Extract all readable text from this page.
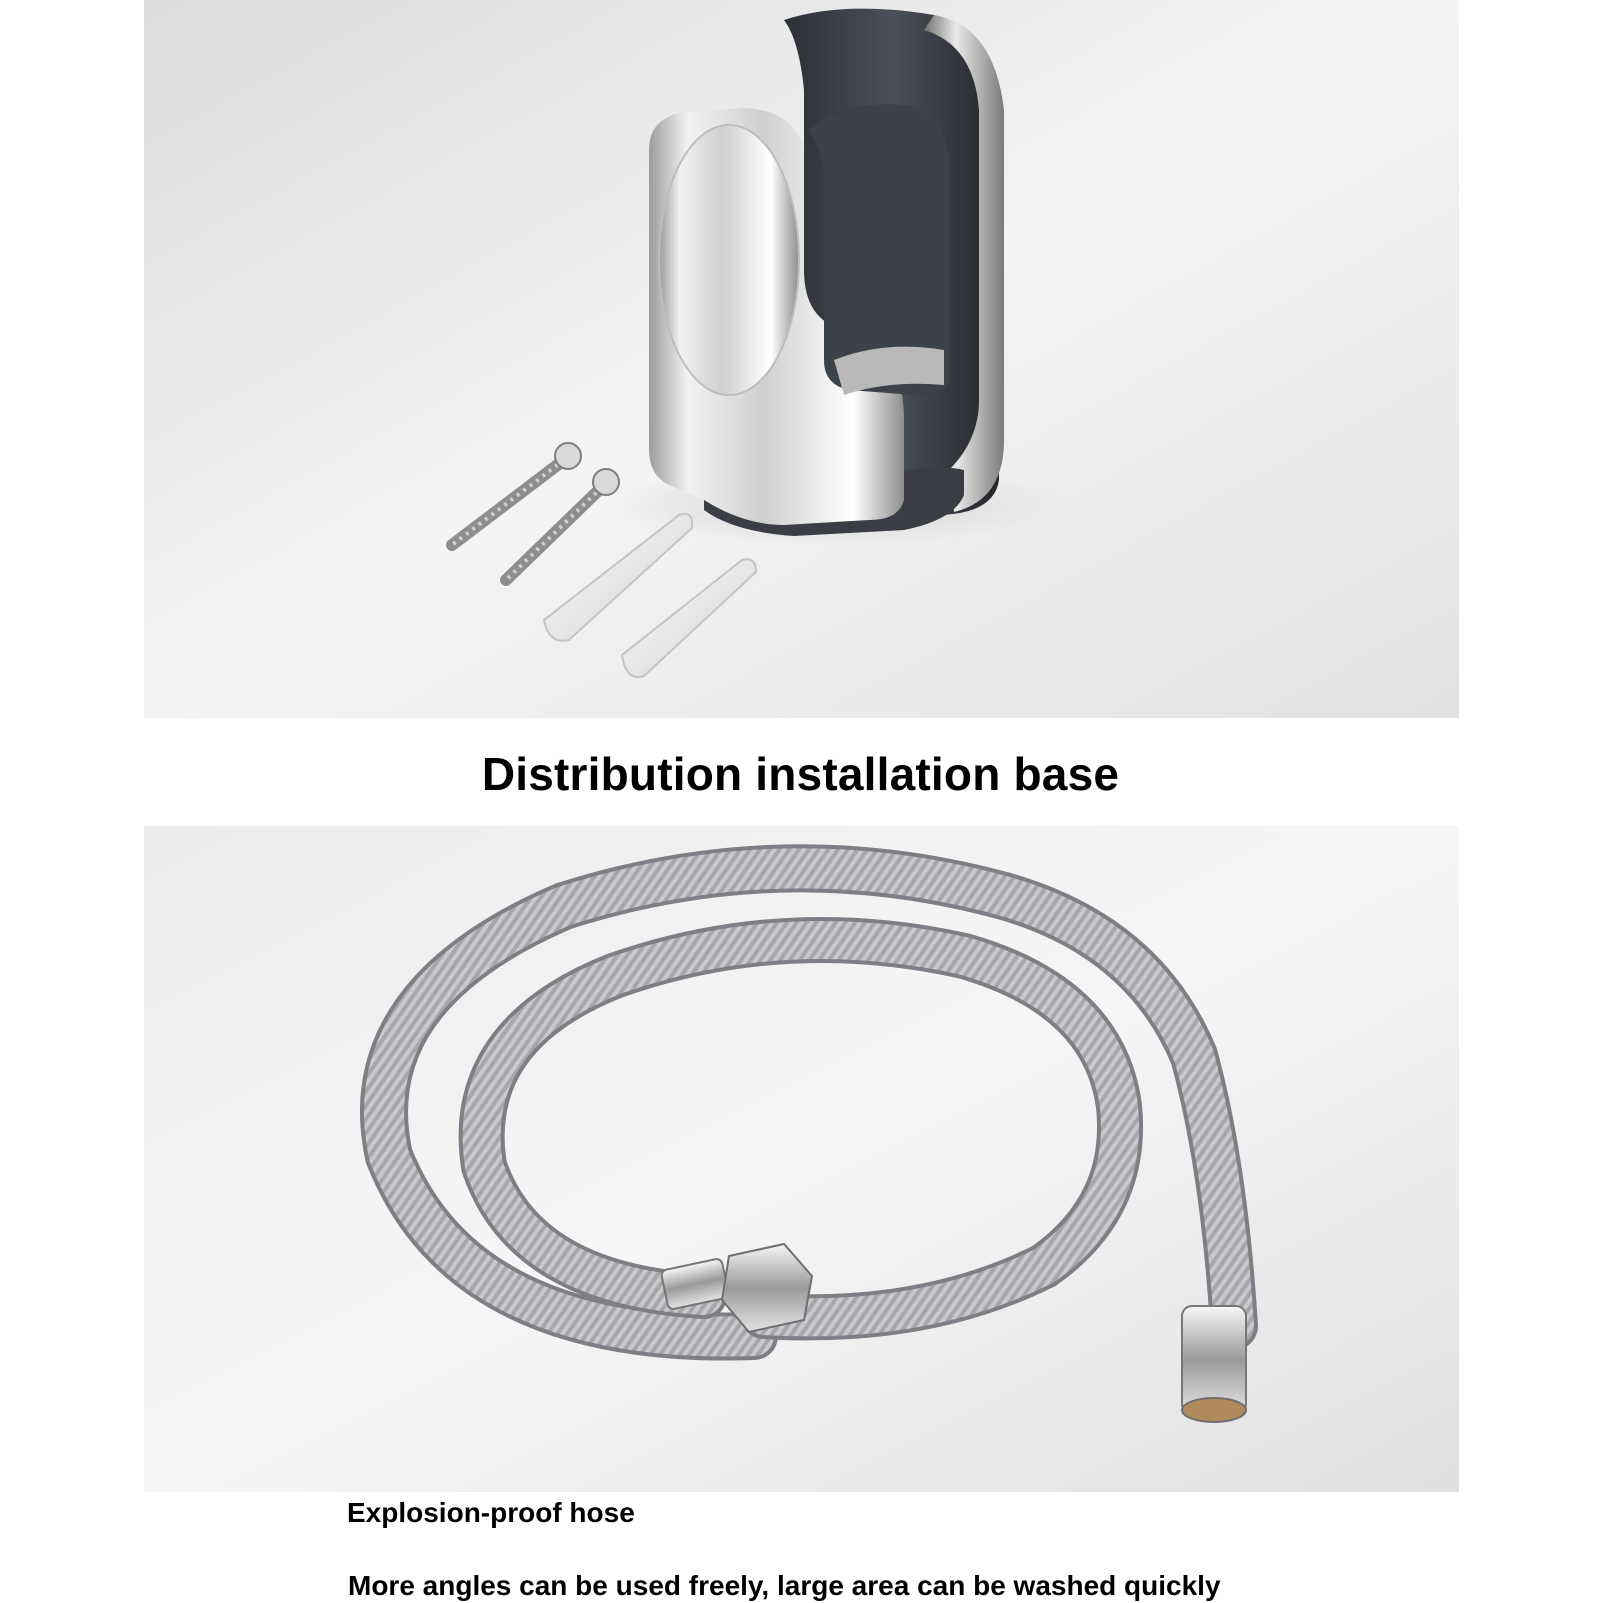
Distribution installation base

Explosion-proof hose

More angles can be used freely, large area can be washed quickly
